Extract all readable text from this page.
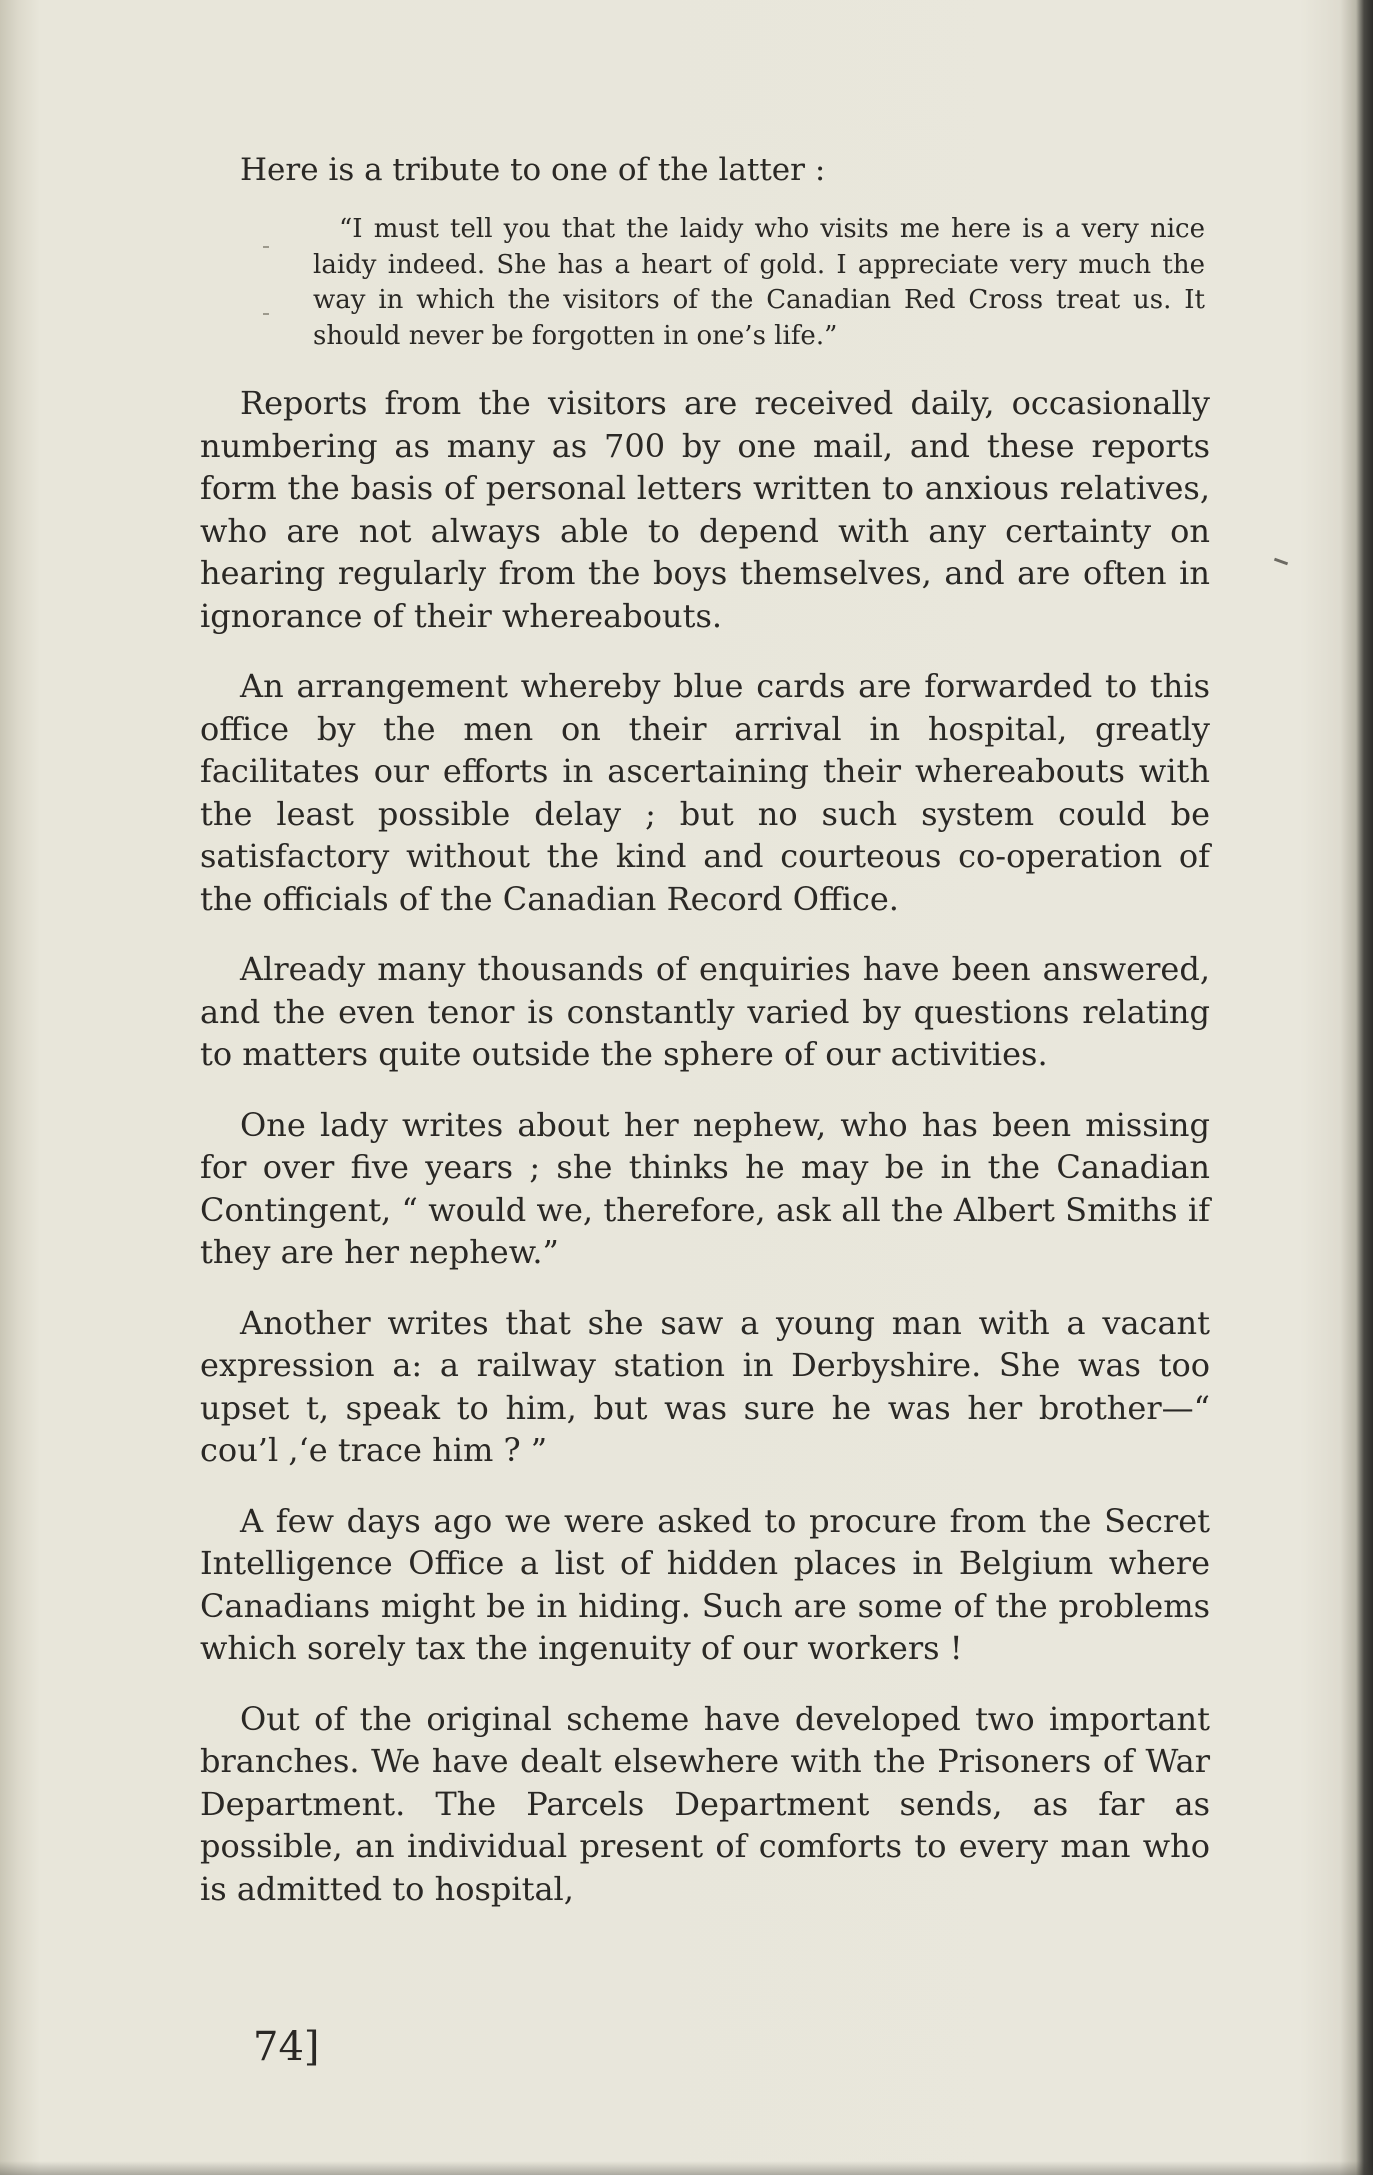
Here is a tribute to one of the latter :

“I must tell you that the laidy who visits me here is a very nice laidy indeed. She has a heart of gold. I appreciate very much the way in which the visitors of the Canadian Red Cross treat us. It should never be forgotten in one’s life.”

Reports from the visitors are received daily, occasionally numbering as many as 700 by one mail, and these reports form the basis of personal letters written to anxious relatives, who are not always able to depend with any certainty on hearing regularly from the boys themselves, and are often in ignorance of their whereabouts.

An arrangement whereby blue cards are forwarded to this office by the men on their arrival in hospital, greatly facilitates our efforts in ascertaining their whereabouts with the least possible delay ; but no such system could be satisfactory without the kind and courteous co-operation of the officials of the Canadian Record Office.

Already many thousands of enquiries have been answered, and the even tenor is constantly varied by questions relating to matters quite outside the sphere of our activities.

One lady writes about her nephew, who has been missing for over five years ; she thinks he may be in the Canadian Contingent, “ would we, therefore, ask all the Albert Smiths if they are her nephew.”

Another writes that she saw a young man with a vacant expression a: a railway station in Derbyshire. She was too upset t, speak to him, but was sure he was her brother—“ cou’l ,‘e trace him ? ”

A few days ago we were asked to procure from the Secret Intelligence Office a list of hidden places in Belgium where Canadians might be in hiding. Such are some of the problems which sorely tax the ingenuity of our workers !

Out of the original scheme have developed two important branches. We have dealt elsewhere with the Prisoners of War Department. The Parcels Department sends, as far as possible, an individual present of comforts to every man who is admitted to hospital,

74]
